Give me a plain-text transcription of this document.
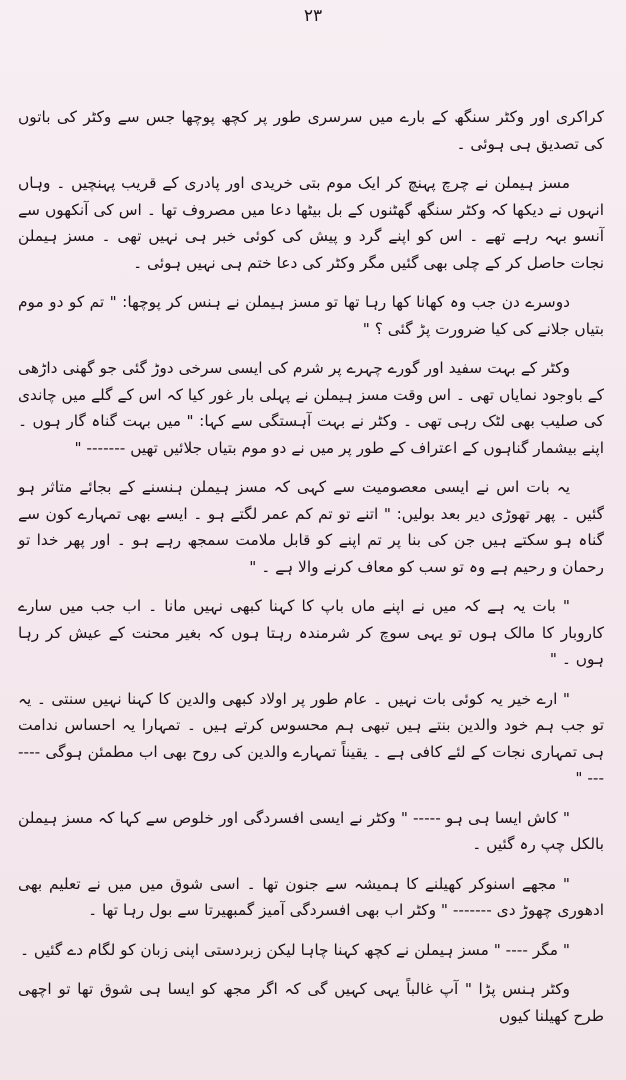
۲۳

کراکری اور وکٹر سنگھ کے بارے میں سرسری طور پر کچھ پوچھا جس سے وکٹر کی باتوں کی تصدیق ہی ہوئی ۔

مسز ہیملن نے چرچ پہنچ کر ایک موم بتی خریدی اور پادری کے قریب پہنچیں ۔ وہاں انہوں نے دیکھا کہ وکٹر سنگھ گھٹنوں کے بل بیٹھا دعا میں مصروف تھا ۔ اس کی آنکھوں سے آنسو بہہ رہے تھے ۔ اس کو اپنے گرد و پیش کی کوئی خبر ہی نہیں تھی ۔ مسز ہیملن نجات حاصل کر کے چلی بھی گئیں مگر وکٹر کی دعا ختم ہی نہیں ہوئی ۔

دوسرے دن جب وہ کھانا کھا رہا تھا تو مسز ہیملن نے ہنس کر پوچھا: " تم کو دو موم بتیاں جلانے کی کیا ضرورت پڑ گئی ؟ "

وکٹر کے بہت سفید اور گورے چہرے پر شرم کی ایسی سرخی دوڑ گئی جو گھنی داڑھی کے باوجود نمایاں تھی ۔ اس وقت مسز ہیملن نے پہلی بار غور کیا کہ اس کے گلے میں چاندی کی صلیب بھی لٹک رہی تھی ۔ وکٹر نے بہت آہستگی سے کہا: " میں بہت گناہ گار ہوں ۔ اپنے بیشمار گناہوں کے اعتراف کے طور پر میں نے دو موم بتیاں جلائیں تھیں ------- "

یہ بات اس نے ایسی معصومیت سے کہی کہ مسز ہیملن ہنسنے کے بجائے متاثر ہو گئیں ۔ پھر تھوڑی دیر بعد بولیں: " اتنے تو تم کم عمر لگتے ہو ۔ ایسے بھی تمہارے کون سے گناہ ہو سکتے ہیں جن کی بنا پر تم اپنے کو قابل ملامت سمجھ رہے ہو ۔ اور پھر خدا تو رحمان و رحیم ہے وہ تو سب کو معاف کرنے والا ہے ۔ "

" بات یہ ہے کہ میں نے اپنے ماں باپ کا کہنا کبھی نہیں مانا ۔ اب جب میں سارے کاروبار کا مالک ہوں تو یہی سوچ کر شرمندہ رہتا ہوں کہ بغیر محنت کے عیش کر رہا ہوں ۔ "

" ارے خیر یہ کوئی بات نہیں ۔ عام طور پر اولاد کبھی والدین کا کہنا نہیں سنتی ۔ یہ تو جب ہم خود والدین بنتے ہیں تبھی ہم محسوس کرتے ہیں ۔ تمہارا یہ احساس ندامت ہی تمہاری نجات کے لئے کافی ہے ۔ یقیناً تمہارے والدین کی روح بھی اب مطمئن ہوگی ------- "

" کاش ایسا ہی ہو ----- " وکٹر نے ایسی افسردگی اور خلوص سے کہا کہ مسز ہیملن بالکل چپ رہ گئیں ۔

" مجھے اسنوکر کھیلنے کا ہمیشہ سے جنون تھا ۔ اسی شوق میں میں نے تعلیم بھی ادھوری چھوڑ دی ------- " وکٹر اب بھی افسردگی آمیز گمبھیرتا سے بول رہا تھا ۔

" مگر ---- " مسز ہیملن نے کچھ کہنا چاہا لیکن زبردستی اپنی زبان کو لگام دے گئیں ۔

وکٹر ہنس پڑا " آپ غالباً یہی کہیں گی کہ اگر مجھ کو ایسا ہی شوق تھا تو اچھی طرح کھیلنا کیوں
